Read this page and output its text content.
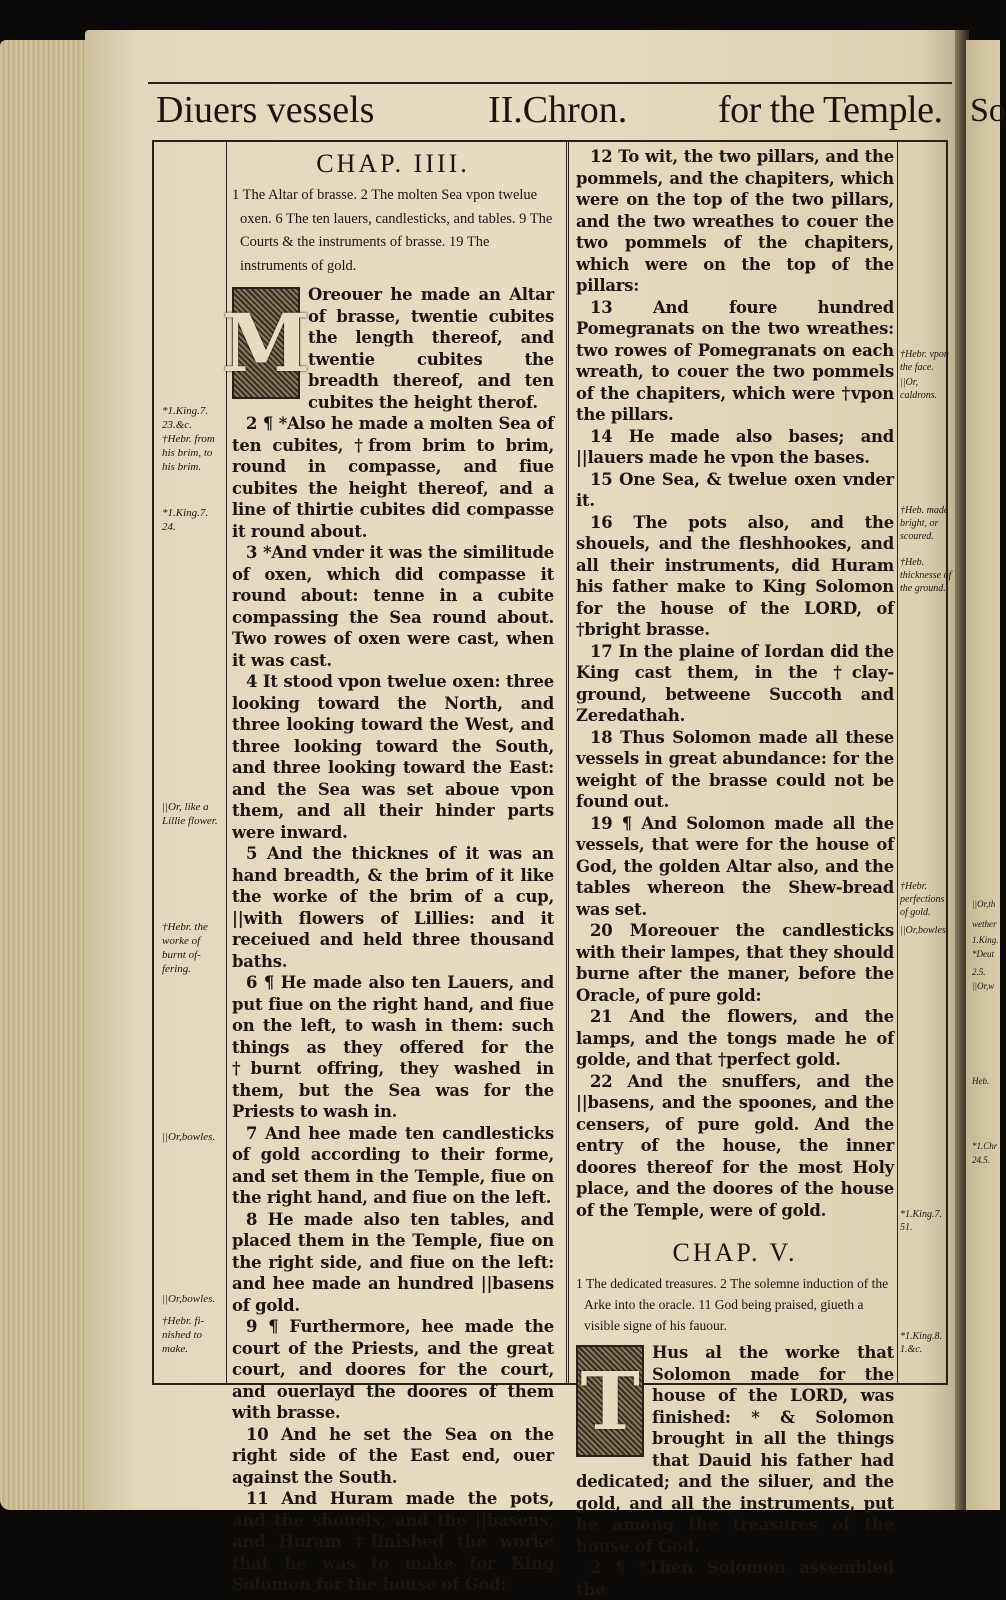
So
||Or,th
wether
1.King.
*Deut
2.5.
||Or,w
Heb.
*1.Chr
24.5.
Diuers vessels	II.Chron. for the Temple.
*1.King.7. 23.&c.
†Hebr. from his brim, to his brim.
*1.King.7. 24.
||Or, like a Lillie flower.
†Hebr. the worke of burnt of-fering.
||Or,bowles.
||Or,bowles.
†Hebr. fi-nished to make.
CHAP. IIII.
1 The Altar of brasse. 2 The molten Sea vpon twelue oxen. 6 The ten lauers, candlesticks, and tables. 9 The Courts & the instruments of brasse. 19 The instruments of gold.
M

Oreouer he made an Altar of brasse, twentie cubites the length thereof, and twentie cubites the breadth thereof, and ten cubites the height therof.

2 ¶ *Also he made a molten Sea of ten cubites, †from brim to brim, round in compasse, and fiue cubites the height thereof, and a line of thirtie cubites did compasse it round about.

3 *And vnder it was the similitude of oxen, which did compasse it round about: tenne in a cubite compassing the Sea round about. Two rowes of oxen were cast, when it was cast.

4 It stood vpon twelue oxen: three looking toward the North, and three looking toward the West, and three looking toward the South, and three looking toward the East: and the Sea was set aboue vpon them, and all their hinder parts were inward.

5 And the thicknes of it was an hand breadth, & the brim of it like the worke of the brim of a cup, ||with flowers of Lillies: and it receiued and held three thousand baths.

6 ¶ He made also ten Lauers, and put fiue on the right hand, and fiue on the left, to wash in them: such things as they offered for the †burnt offring, they washed in them, but the Sea was for the Priests to wash in.

7 And hee made ten candlesticks of gold according to their forme, and set them in the Temple, fiue on the right hand, and fiue on the left.

8 He made also ten tables, and placed them in the Temple, fiue on the right side, and fiue on the left: and hee made an hundred ||basens of gold.

9 ¶ Furthermore, hee made the court of the Priests, and the great court, and doores for the court, and ouerlayd the doores of them with brasse.

10 And he set the Sea on the right side of the East end, ouer against the South.

11 And Huram made the pots, and the shouels, and the ||basens, and Huram †finished the worke that he was to make for King Solomon for the house of God:

12 To wit, the two pillars, and the pommels, and the chapiters, which were on the top of the two pillars, and the two wreathes to couer the two pommels of the chapiters, which were on the top of the pillars:

13 And foure hundred Pomegranats on the two wreathes: two rowes of Pomegranats on each wreath, to couer the two pommels of the chapiters, which were †vpon the pillars.

14 He made also bases; and ||lauers made he vpon the bases.

15 One Sea, & twelue oxen vnder it.

16 The pots also, and the shouels, and the fleshhookes, and all their instruments, did Huram his father make to King Solomon for the house of the LORD, of †bright brasse.

17 In the plaine of Iordan did the King cast them, in the †clay-ground, betweene Succoth and Zeredathah.

18 Thus Solomon made all these vessels in great abundance: for the weight of the brasse could not be found out.

19 ¶ And Solomon made all the vessels, that were for the house of God, the golden Altar also, and the tables whereon the Shew-bread was set.

20 Moreouer the candlesticks with their lampes, that they should burne after the maner, before the Oracle, of pure gold:

21 And the flowers, and the lamps, and the tongs made he of golde, and that †perfect gold.

22 And the snuffers, and the ||basens, and the spoones, and the censers, of pure gold. And the entry of the house, the inner doores thereof for the most Holy place, and the doores of the house of the Temple, were of gold.

CHAP. V.
1 The dedicated treasures. 2 The solemne induction of the Arke into the oracle. 11 God being praised, giueth a visible signe of his fauour.
T

Hus al the worke that Solomon made for the house of the LORD, was finished: * & Solomon brought in all the things that Dauid his father had dedicated; and the siluer, and the gold, and all the instruments, put he among the treasures of the house of God.

2 ¶ *Then Solomon assembled the

†Hebr. vpon the face.
||Or, caldrons.
†Heb. made bright, or scoured.
†Heb. thicknesse of the ground.
†Hebr. perfections of gold.
||Or,bowles.
*1.King.7. 51.
*1.King.8. 1.&c.
